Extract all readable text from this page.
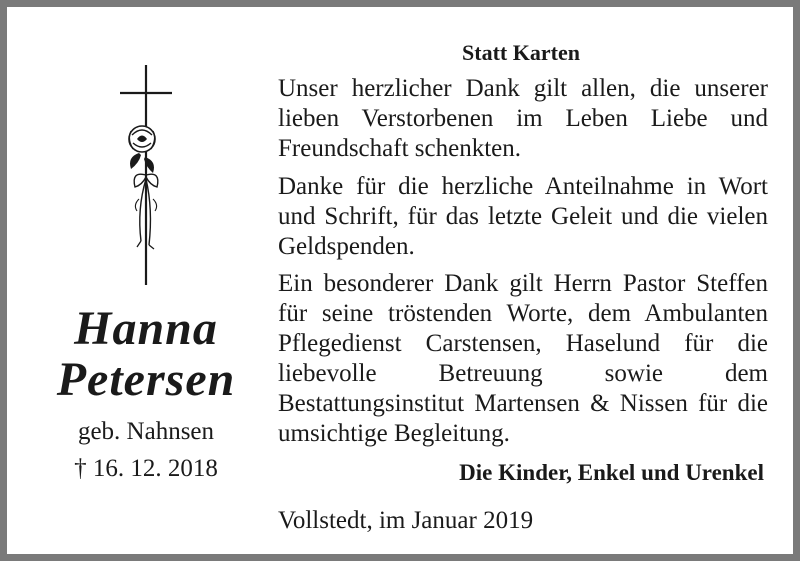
Hanna
Petersen
geb. Nahnsen
† 16. 12. 2018
Statt Karten
Unser herzlicher Dank gilt allen, die unserer lieben Verstorbenen im Leben Liebe und Freundschaft schenkten.
Danke für die herzliche Anteilnahme in Wort und Schrift, für das letzte Geleit und die vielen Geldspenden.
Ein besonderer Dank gilt Herrn Pastor Steffen für seine tröstenden Worte, dem Ambulanten Pflegedienst Carstensen, Haselund für die liebevolle Betreuung sowie dem Bestattungsinstitut Martensen & Nissen für die umsichtige Begleitung.
Die Kinder, Enkel und Urenkel
Vollstedt, im Januar 2019
